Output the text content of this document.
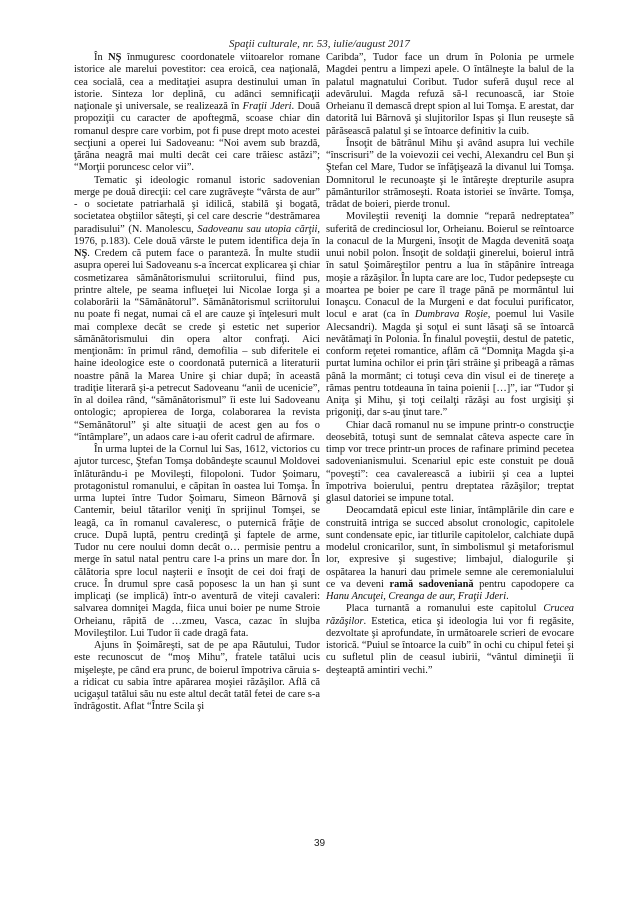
Spaţii culturale, nr. 53, iulie/august 2017

În NŞ înmuguresc coordonatele viitoarelor romane istorice ale marelui povestitor: cea eroică, cea naţională, cea socială, cea a meditaţiei asupra destinului uman în istorie. Sinteza lor deplină, cu adânci semnificaţii naţionale şi universale, se realizează în Fraţii Jderi. Două propoziţii cu caracter de apoftegmă, scoase chiar din romanul despre care vorbim, pot fi puse drept moto acestei secţiuni a operei lui Sadoveanu: “Noi avem sub brazdă, ţărâna neagră mai multi decât cei care trăiesc astăzi”; “Morţii poruncesc celor vii”.

Tematic şi ideologic romanul istoric sadovenian merge pe două direcţii: cel care zugrăveşte “vârsta de aur” - o societate patriarhală şi idilică, stabilă şi bogată, societatea obştiilor săteşti, şi cel care descrie “destrămarea paradisului” (N. Manolescu, Sadoveanu sau utopia cărţii, 1976, p.183). Cele două vârste le putem identifica deja în NŞ. Credem că putem face o paranteză. În multe studii asupra operei lui Sadoveanu s-a încercat explicarea şi chiar cosmetizarea sămănătorismului scriitorului, fiind pus, printre altele, pe seama influeţei lui Nicolae Iorga şi a colaborării la “Sămănătorul”. Sămănătorismul scriitorului nu poate fi negat, numai că el are cauze şi înţelesuri mult mai complexe decât se crede şi estetic net superior sămănătorismului din opera altor confraţi. Aici menţionăm: în primul rând, demofilia – sub diferitele ei haine ideologice este o coordonată puternică a literaturii noastre până la Marea Unire şi chiar după; în această tradiţie literară şi-a petrecut Sadoveanu “anii de ucenicie”, în al doilea rând, “sămănătorismul” îi este lui Sadoveanu ontologic; apropierea de Iorga, colaborarea la revista “Semănătorul” şi alte situaţii de acest gen au fos o “întâmplare”, un adaos care i-au oferit cadrul de afirmare.

În urma luptei de la Cornul lui Sas, 1612, victorios cu ajutor turcesc, Ştefan Tomşa dobândeşte scaunul Moldovei înlăturându-i pe Movileşti, filopoloni. Tudor Şoimaru, protagonistul romanului, e căpitan în oastea lui Tomşa. În urma luptei între Tudor Şoimaru, Simeon Bârnovă şi Cantemir, beiul tătarilor veniţi în sprijinul Tomşei, se leagă, ca în romanul cavaleresc, o puternică frăţie de cruce. După luptă, pentru credinţă şi faptele de arme, Tudor nu cere noului domn decât o… permisie pentru a merge în satul natal pentru care l-a prins un mare dor. În călătoria spre locul naşterii e însoţit de cei doi fraţi de cruce. În drumul spre casă poposesc la un han şi sunt implicaţi (se implică) într-o aventură de viteji cavaleri: salvarea domniţei Magda, fiica unui boier pe nume Stroie Orheianu, răpită de …zmeu, Vasca, cazac în slujba Movileştilor. Lui Tudor îi cade dragă fata.

Ajuns în Şoimăreşti, sat de pe apa Răutului, Tudor este recunoscut de “moş Mihu”, fratele tatălui ucis mişeleşte, pe când era prunc, de boierul împotriva căruia s-a ridicat cu sabia între apărarea moşiei răzăşilor. Află că ucigaşul tatălui său nu este altul decât tatăl fetei de care s-a îndrăgostit. Aflat “Între Scila şi

Caribda”, Tudor face un drum în Polonia pe urmele Magdei pentru a limpezi apele. O întâlneşte la balul de la palatul magnatului Coribut. Tudor suferă duşul rece al adevărului. Magda refuză să-l recunoască, iar Stoie Orheianu îl demască drept spion al lui Tomşa. E arestat, dar datorită lui Bârnovă şi slujitorilor Ispas şi Ilun reuseşte să părăsească palatul şi se întoarce definitiv la cuib.

Însoţit de bătrânul Mihu şi având asupra lui vechile “înscrisuri” de la voievozii cei vechi, Alexandru cel Bun şi Ştefan cel Mare, Tudor se înfăţişează la divanul lui Tomşa. Domnitorul le recunoaşte şi le întăreşte drepturile asupra pământurilor strămoseşti. Roata istoriei se învârte. Tomşa, trădat de boieri, pierde tronul.

Movileştii reveniţi la domnie “repară nedreptatea” suferită de credinciosul lor, Orheianu. Boierul se reîntoarce la conacul de la Murgeni, însoţit de Magda devenită soaţa unui nobil polon. Însoţit de soldaţii ginerelui, boierul intră în satul Şoimăreştilor pentru a lua în stăpânire întreaga moşie a răzăşilor. În lupta care are loc, Tudor pedepseşte cu moartea pe boier pe care îl trage până pe mormântul lui Ionaşcu. Conacul de la Murgeni e dat focului purificator, locul e arat (ca în Dumbrava Roşie, poemul lui Vasile Alecsandri). Magda şi soţul ei sunt lăsaţi să se întoarcă nevătămaţi în Polonia. În finalul poveştii, destul de patetic, conform reţetei romantice, aflăm că “Domniţa Magda şi-a purtat lumina ochilor ei prin ţări străine şi pribeagă a rămas până la mormânt; ci totuşi ceva din visul ei de tinereţe a rămas pentru totdeauna în taina poienii […]”, iar “Tudor şi Aniţa şi Mihu, şi toţi ceilalţi răzăşi au fost urgisiţi şi prigoniţi, dar s-au ţinut tare.”

Chiar dacă romanul nu se impune printr-o construcţie deosebită, totuşi sunt de semnalat câteva aspecte care în timp vor trece printr-un proces de rafinare primind pecetea sadovenianismului. Scenariul epic este constuit pe două “poveşti”: cea cavalerească a iubirii şi cea a luptei împotriva boierului, pentru dreptatea răzăşilor; treptat glasul datoriei se impune total.

Deocamdată epicul este liniar, întâmplările din care e construită intriga se succed absolut cronologic, capitolele sunt condensate epic, iar titlurile capitolelor, calchiate după modelul cronicarilor, sunt, în simbolismul şi metaforismul lor, expresive şi sugestive; limbajul, dialogurile şi ospătarea la hanuri dau primele semne ale ceremonialului ce va deveni ramă sadoveniană pentru capodopere ca Hanu Ancuţei, Creanga de aur, Fraţii Jderi.

Placa turnantă a romanului este capitolul Crucea răzăşilor. Estetica, etica şi ideologia lui vor fi regăsite, dezvoltate şi aprofundate, în următoarele scrieri de evocare istorică. “Puiul se întoarce la cuib” în ochi cu chipul fetei şi cu sufletul plin de ceasul iubirii, “vântul dimineţii îi deşteaptă amintiri vechi.”

39
